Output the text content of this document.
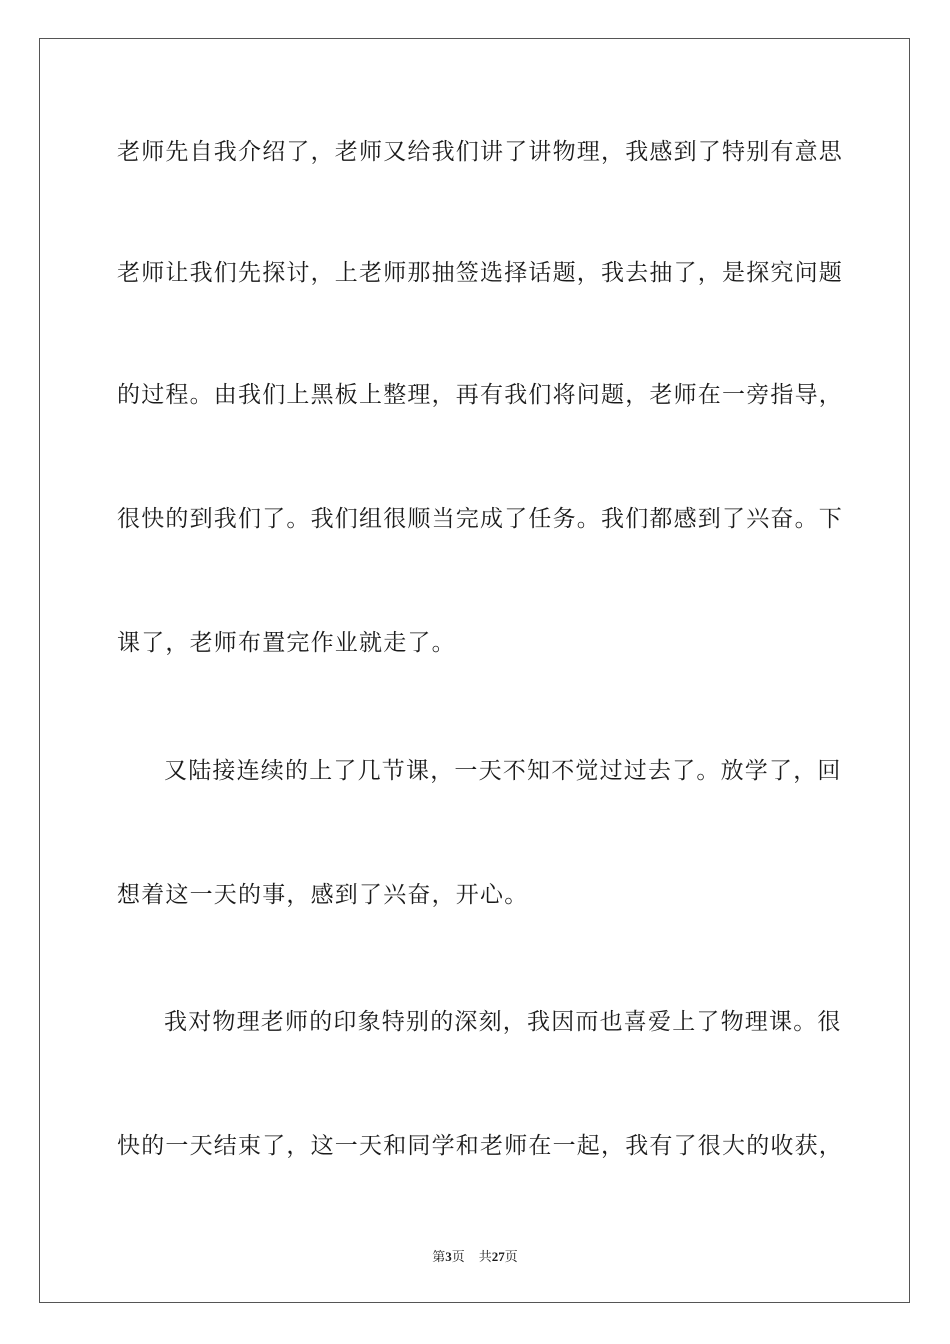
老师先自我介绍了，老师又给我们讲了讲物理，我感到了特别有意思
老师让我们先探讨，上老师那抽签选择话题，我去抽了，是探究问题
的过程。由我们上黑板上整理，再有我们将问题，老师在一旁指导，
很快的到我们了。我们组很顺当完成了任务。我们都感到了兴奋。下
课了，老师布置完作业就走了。
又陆接连续的上了几节课，一天不知不觉过过去了。放学了，回
想着这一天的事，感到了兴奋，开心。
我对物理老师的印象特别的深刻，我因而也喜爱上了物理课。很
快的一天结束了，这一天和同学和老师在一起，我有了很大的收获，
第3页 共27页
